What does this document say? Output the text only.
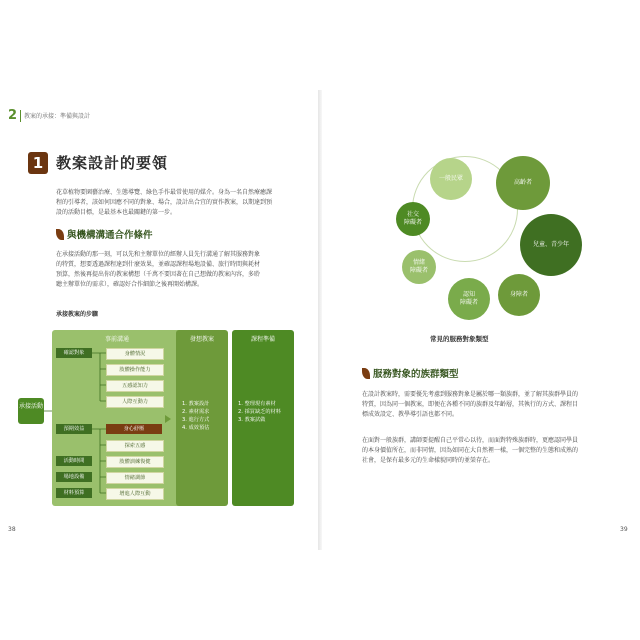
2 教案的承接：準備與設計
1 教案設計的要領
花草植物要園藝治療、生態導覽、綠色手作最常使用的媒介。身為一名自然療癒課
程的引導者，該如何因應不同的對象、場合，設計出合宜的實作教案，以期達到預
設的活動目標，是最基本也最關鍵的第一步。
與機構溝通合作條件
在承接活動的那一刻，可以先和主辦單位的經辦人員先行溝通了解其服務對象
的特質，想要透過課程達到什麼效果，並確認課程場地設備、旅行時間與耗材
預算，然後再提出你的教案構想（千萬不要因著在自己想做的教案內容，多聆
聽主辦單位的需求），確認好合作細節之後再開始構課。
承接教案的步驟
承接活動
事前溝通
確認對象	身體情況
肢體操作能力
五感認知力
人際互動力
預期效益	身心紓壓
探索五感
肢體訓練復健
情緒調節
增進人際互動
活動時間
場地設備
材料預算
發想教案
1. 教案設計
2. 素材需求
3. 進行方式
4. 成效預估
課程準備
1. 整理現有素材
2. 採買缺乏的材料
3. 教案試做
38
一般民眾
高齡者
社交
障礙者
兒童、青少年
情緒
障礙者
認知
障礙者
身障者
常見的服務對象類型
服務對象的族群類型
在設計教案時，需要優先考慮到服務對象是屬於哪一類族群，並了解其族群學員的
特質，因為同一個教案，即便在各種不同的族群及年齡層，其執行的方式、課程目
標成效設定、教學導引語也都不同。
在面對一般族群，講師要提醒自己平常心以待，而面對特殊族群時，更應認同學員
的本身價值所在，而非同情，因為如同在大自然裡一樣，一個完整的生態和成熟的
社會，是保有最多元的生命樣貌同時的並榮存在。
39
